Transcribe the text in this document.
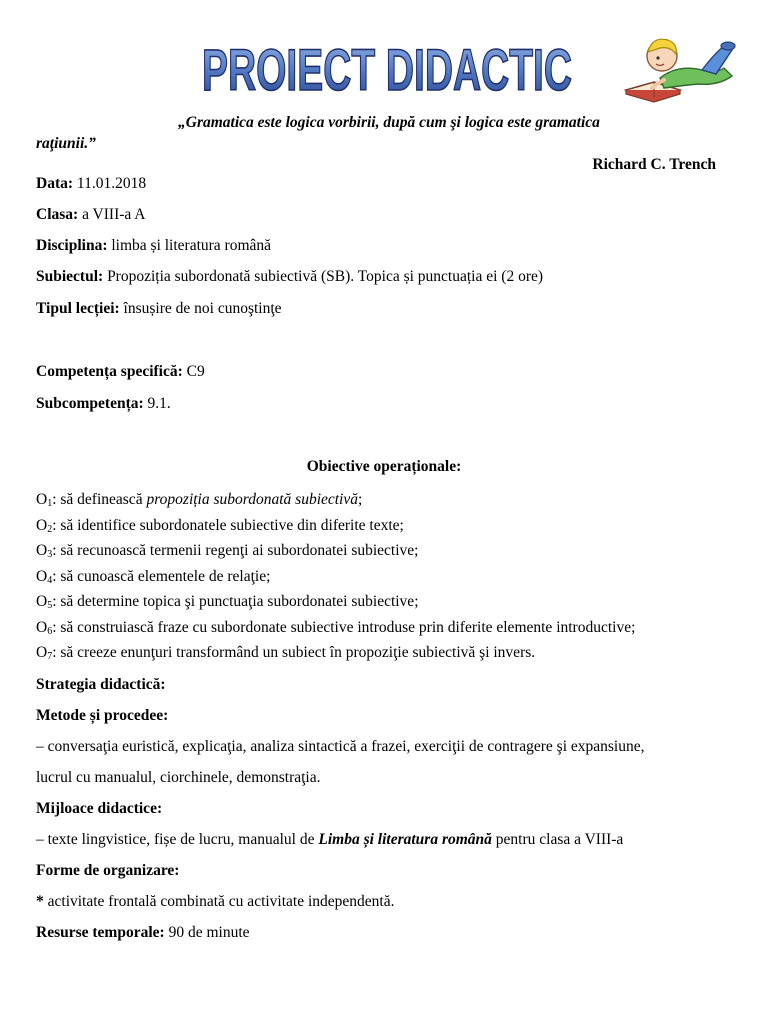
PROIECT DIDACTIC
„Gramatica este logica vorbirii, după cum şi logica este gramatica
raţiunii.”
Richard C. Trench
Data: 11.01.2018
Clasa: a VIII-a A
Disciplina: limba și literatura română
Subiectul: Propoziția subordonată subiectivă (SB). Topica și punctuația ei (2 ore)
Tipul lecției: însușire de noi cunoştinţe
Competența specifică: C9
Subcompetența: 9.1.
Obiective operaționale:
$O_1$: să definească propoziția subordonată subiectivă;
$O_2$: să identifice subordonatele subiective din diferite texte;
$O_3$: să recunoască termenii regenţi ai subordonatei subiective;
$O_4$: să cunoască elementele de relaţie;
$O_5$: să determine topica şi punctuaţia subordonatei subiective;
$O_6$: să construiască fraze cu subordonate subiective introduse prin diferite elemente introductive;
$O_7$: să creeze enunţuri transformând un subiect în propoziţie subiectivă şi invers.
Strategia didactică:
Metode și procedee:
– conversaţia euristică, explicaţia, analiza sintactică a frazei, exerciţii de contragere şi expansiune,
lucrul cu manualul, ciorchinele, demonstraţia.
Mijloace didactice:
– texte lingvistice, fișe de lucru, manualul de Limba și literatura română pentru clasa a VIII-a
Forme de organizare:
* activitate frontală combinată cu activitate independentă.
Resurse temporale: 90 de minute
